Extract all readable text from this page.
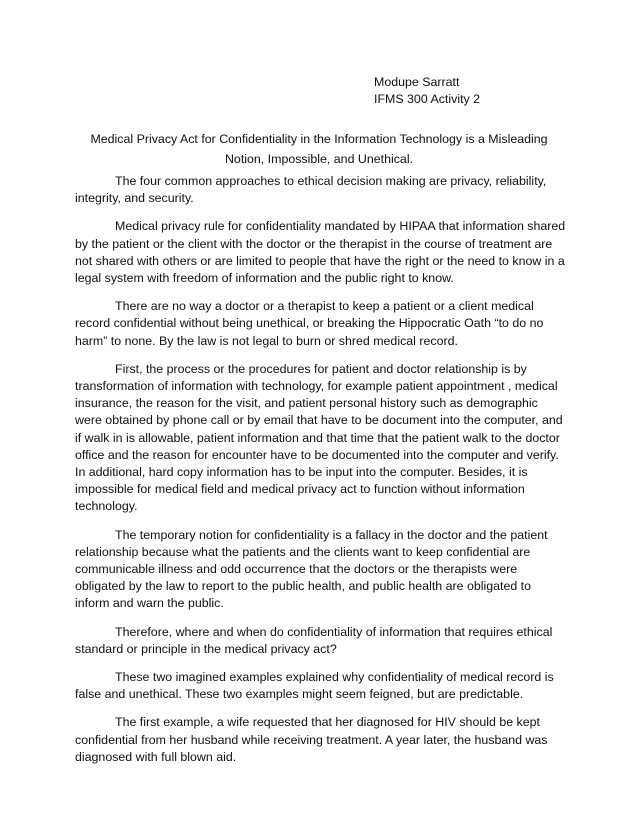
Modupe Sarratt
IFMS 300 Activity 2
Medical Privacy Act for Confidentiality in the Information Technology is a Misleading
Notion, Impossible, and Unethical.

The four common approaches to ethical decision making are privacy, reliability, integrity, and security.

Medical privacy rule for confidentiality mandated by HIPAA that information shared by the patient or the client with the doctor or the therapist in the course of treatment are not shared with others or are limited to people that have the right or the need to know in a legal system with freedom of information and the public right to know.

There are no way a doctor or a therapist to keep a patient or a client medical record confidential without being unethical, or breaking the Hippocratic Oath “to do no harm” to none. By the law is not legal to burn or shred medical record.

First, the process or the procedures for patient and doctor relationship is by transformation of information with technology, for example patient appointment , medical insurance, the reason for the visit, and patient personal history such as demographic were obtained by phone call or by email that have to be document into the computer, and if walk in is allowable, patient information and that time that the patient walk to the doctor office and the reason for encounter have to be documented into the computer and verify. In additional, hard copy information has to be input into the computer. Besides, it is impossible for medical field and medical privacy act to function without information technology.

The temporary notion for confidentiality is a fallacy in the doctor and the patient relationship because what the patients and the clients want to keep confidential are communicable illness and odd occurrence that the doctors or the therapists were obligated by the law to report to the public health, and public health are obligated to inform and warn the public.

Therefore, where and when do confidentiality of information that requires ethical standard or principle in the medical privacy act?

These two imagined examples explained why confidentiality of medical record is false and unethical. These two examples might seem feigned, but are predictable.

The first example, a wife requested that her diagnosed for HIV should be kept confidential from her husband while receiving treatment. A year later, the husband was diagnosed with full blown aid.
